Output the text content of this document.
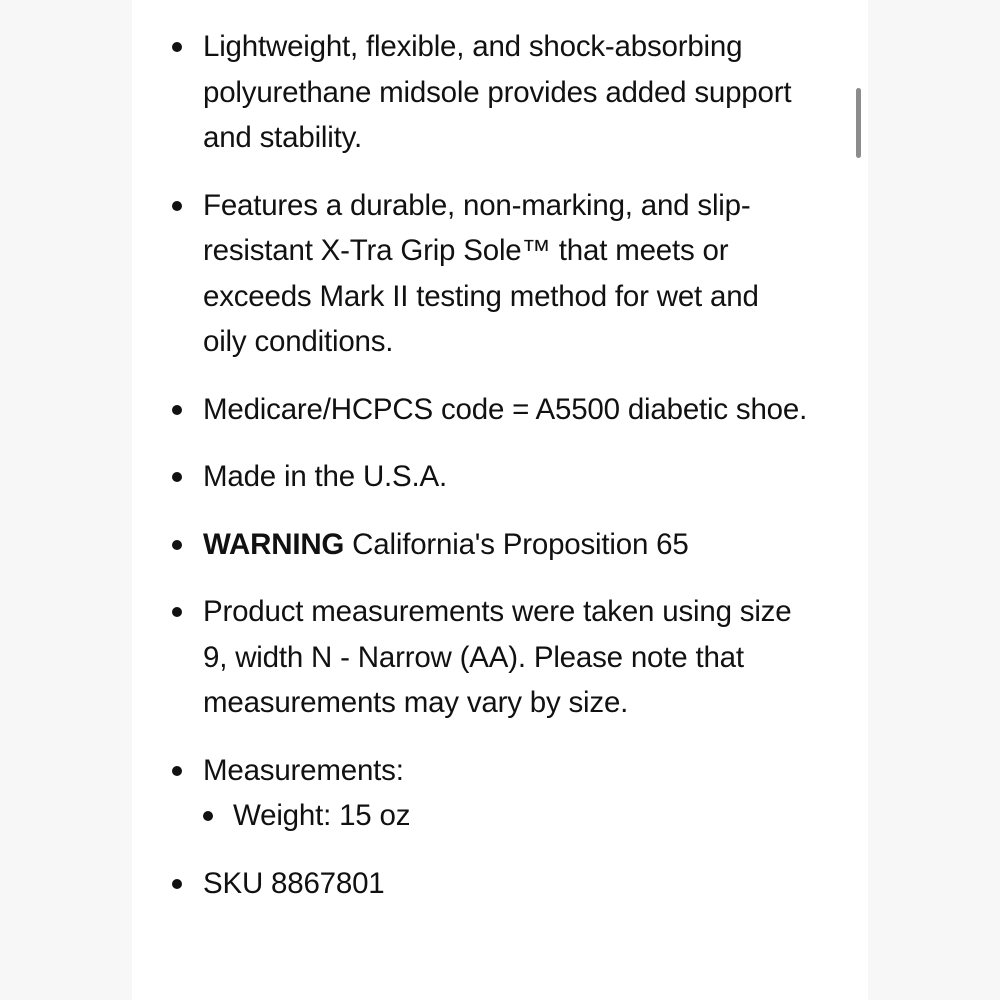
Lightweight, flexible, and shock-absorbing polyurethane midsole provides added support and stability.
Features a durable, non-marking, and slip-resistant X-Tra Grip Sole™ that meets or exceeds Mark II testing method for wet and oily conditions.
Medicare/HCPCS code = A5500 diabetic shoe.
Made in the U.S.A.
WARNING California's Proposition 65
Product measurements were taken using size 9, width N - Narrow (AA). Please note that measurements may vary by size.
Measurements:
Weight: 15 oz
SKU 8867801
